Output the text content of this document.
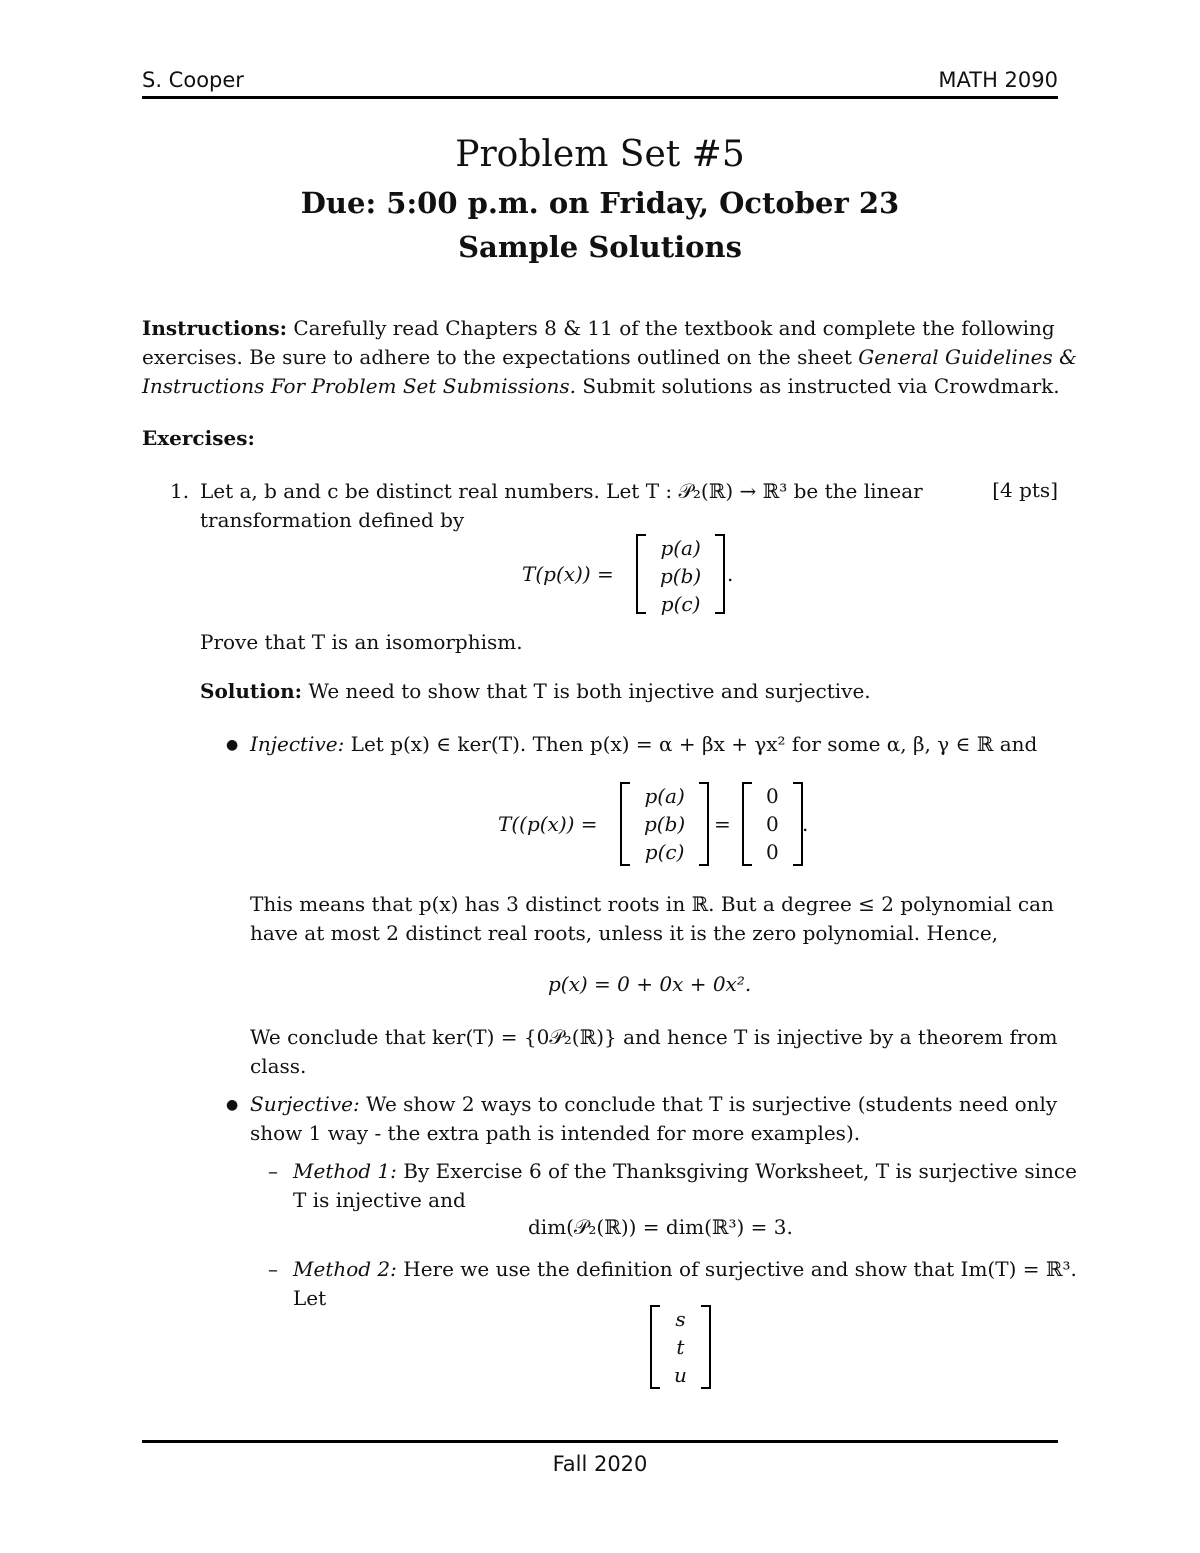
S. Cooper	MATH 2090
Problem Set #5
Due: 5:00 p.m. on Friday, October 23
Sample Solutions
Instructions: Carefully read Chapters 8 & 11 of the textbook and complete the following
exercises. Be sure to adhere to the expectations outlined on the sheet General Guidelines &
Instructions For Problem Set Submissions. Submit solutions as instructed via Crowdmark.
Exercises:
1. Let a, b and c be distinct real numbers. Let T : 𝒫₂(ℝ) → ℝ³ be the linear	[4 pts]
transformation defined by
T(p(x)) =
p(a)
p(b)
p(c)
.
Prove that T is an isomorphism.
Solution: We need to show that T is both injective and surjective.
● Injective: Let p(x) ∈ ker(T). Then p(x) = α + βx + γx² for some α, β, γ ∈ ℝ and
T((p(x)) =
p(a)
p(b)
p(c)
=
0
0
0
.
This means that p(x) has 3 distinct roots in ℝ. But a degree ≤ 2 polynomial can
have at most 2 distinct real roots, unless it is the zero polynomial. Hence,
p(x) = 0 + 0x + 0x².
We conclude that ker(T) = {0𝒫₂(ℝ)} and hence T is injective by a theorem from
class.
● Surjective: We show 2 ways to conclude that T is surjective (students need only
show 1 way - the extra path is intended for more examples).
– Method 1: By Exercise 6 of the Thanksgiving Worksheet, T is surjective since
T is injective and
dim(𝒫₂(ℝ)) = dim(ℝ³) = 3.
– Method 2: Here we use the definition of surjective and show that Im(T) = ℝ³.
Let
s
t
u
Fall 2020
